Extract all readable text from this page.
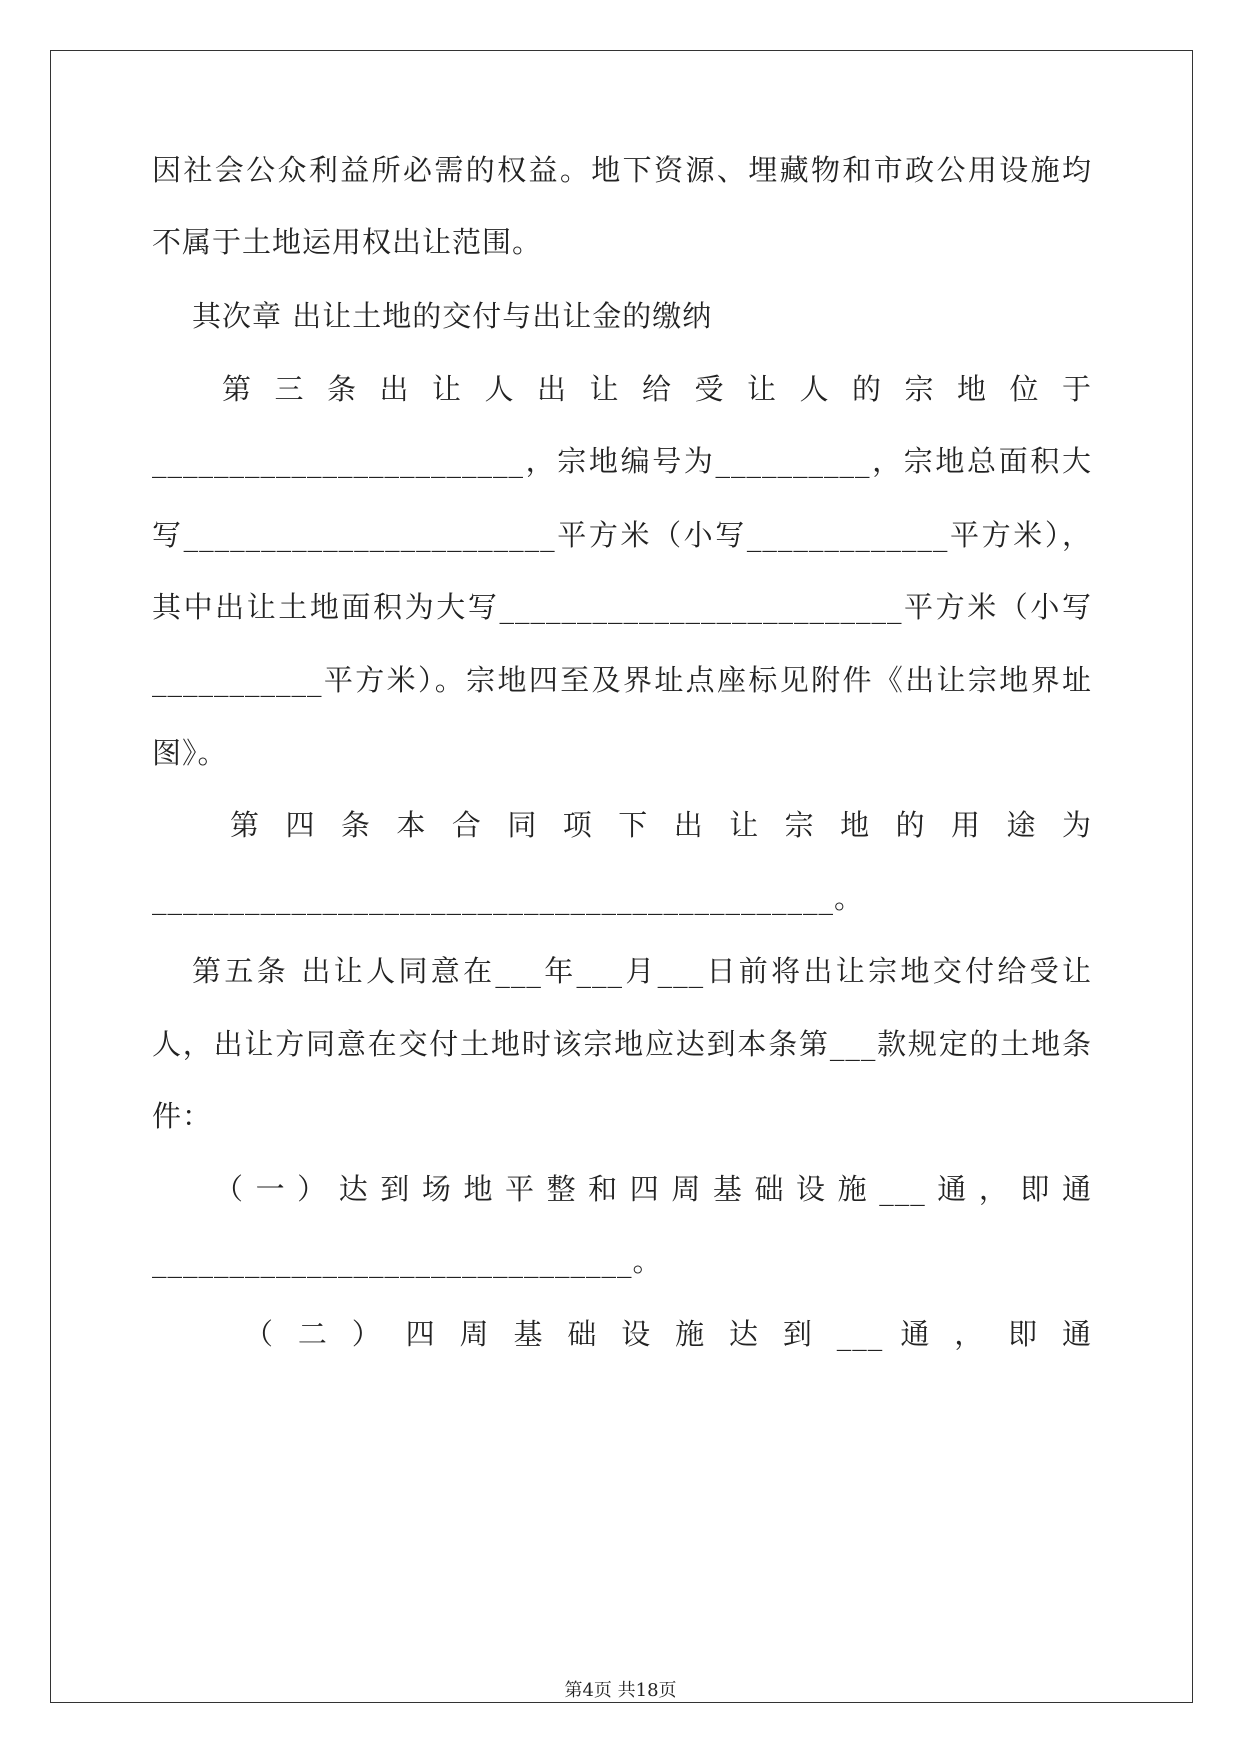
因社会公众利益所必需的权益。地下资源、埋藏物和市政公用设施均
不属于土地运用权出让范围。
其次章 出让土地的交付与出让金的缴纳
第 三 条 出 让 人 出 让 给 受 让 人 的 宗 地 位 于
________________________，宗地编号为__________，宗地总面积大
写________________________平方米（小写_____________平方米），
其中出让土地面积为大写__________________________平方米（小写
___________平方米）。宗地四至及界址点座标见附件《出让宗地界址
图》。
第 四 条 本 合 同 项 下 出 让 宗 地 的 用 途 为
____________________________________________。
第五条 出让人同意在___年___月___日前将出让宗地交付给受让
人，出让方同意在交付土地时该宗地应达到本条第___款规定的土地条
件：
（一）达到场地平整和四周基础设施___通，即通
_______________________________。
（ 二 ） 四 周 基 础 设 施 达 到 ___ 通 ， 即 通
第4页 共18页
